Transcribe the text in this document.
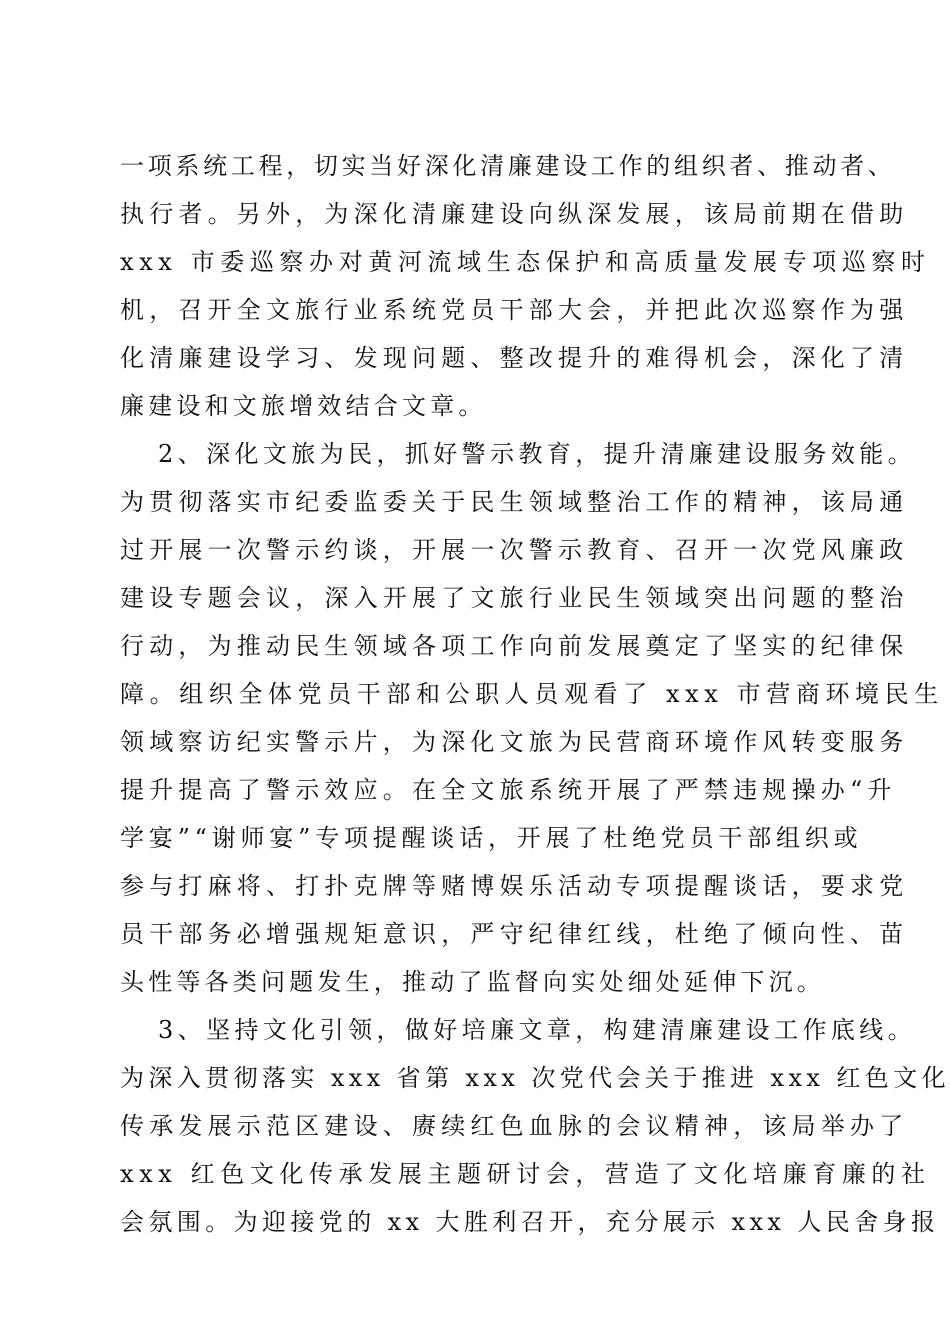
一项系统工程，切实当好深化清廉建设工作的组织者、推动者、
执行者。另外，为深化清廉建设向纵深发展，该局前期在借助
xxx 市委巡察办对黄河流域生态保护和高质量发展专项巡察时
机，召开全文旅行业系统党员干部大会，并把此次巡察作为强
化清廉建设学习、发现问题、整改提升的难得机会，深化了清
廉建设和文旅增效结合文章。
2、深化文旅为民，抓好警示教育，提升清廉建设服务效能。
为贯彻落实市纪委监委关于民生领域整治工作的精神，该局通
过开展一次警示约谈，开展一次警示教育、召开一次党风廉政
建设专题会议，深入开展了文旅行业民生领域突出问题的整治
行动，为推动民生领域各项工作向前发展奠定了坚实的纪律保
障。组织全体党员干部和公职人员观看了 xxx 市营商环境民生
领域察访纪实警示片，为深化文旅为民营商环境作风转变服务
提升提高了警示效应。在全文旅系统开展了严禁违规操办“升
学宴”“谢师宴”专项提醒谈话，开展了杜绝党员干部组织或
参与打麻将、打扑克牌等赌博娱乐活动专项提醒谈话，要求党
员干部务必增强规矩意识，严守纪律红线，杜绝了倾向性、苗
头性等各类问题发生，推动了监督向实处细处延伸下沉。
3、坚持文化引领，做好培廉文章，构建清廉建设工作底线。
为深入贯彻落实 xxx 省第 xxx 次党代会关于推进 xxx 红色文化
传承发展示范区建设、赓续红色血脉的会议精神，该局举办了
xxx 红色文化传承发展主题研讨会，营造了文化培廉育廉的社
会氛围。为迎接党的 xx 大胜利召开，充分展示 xxx 人民舍身报
